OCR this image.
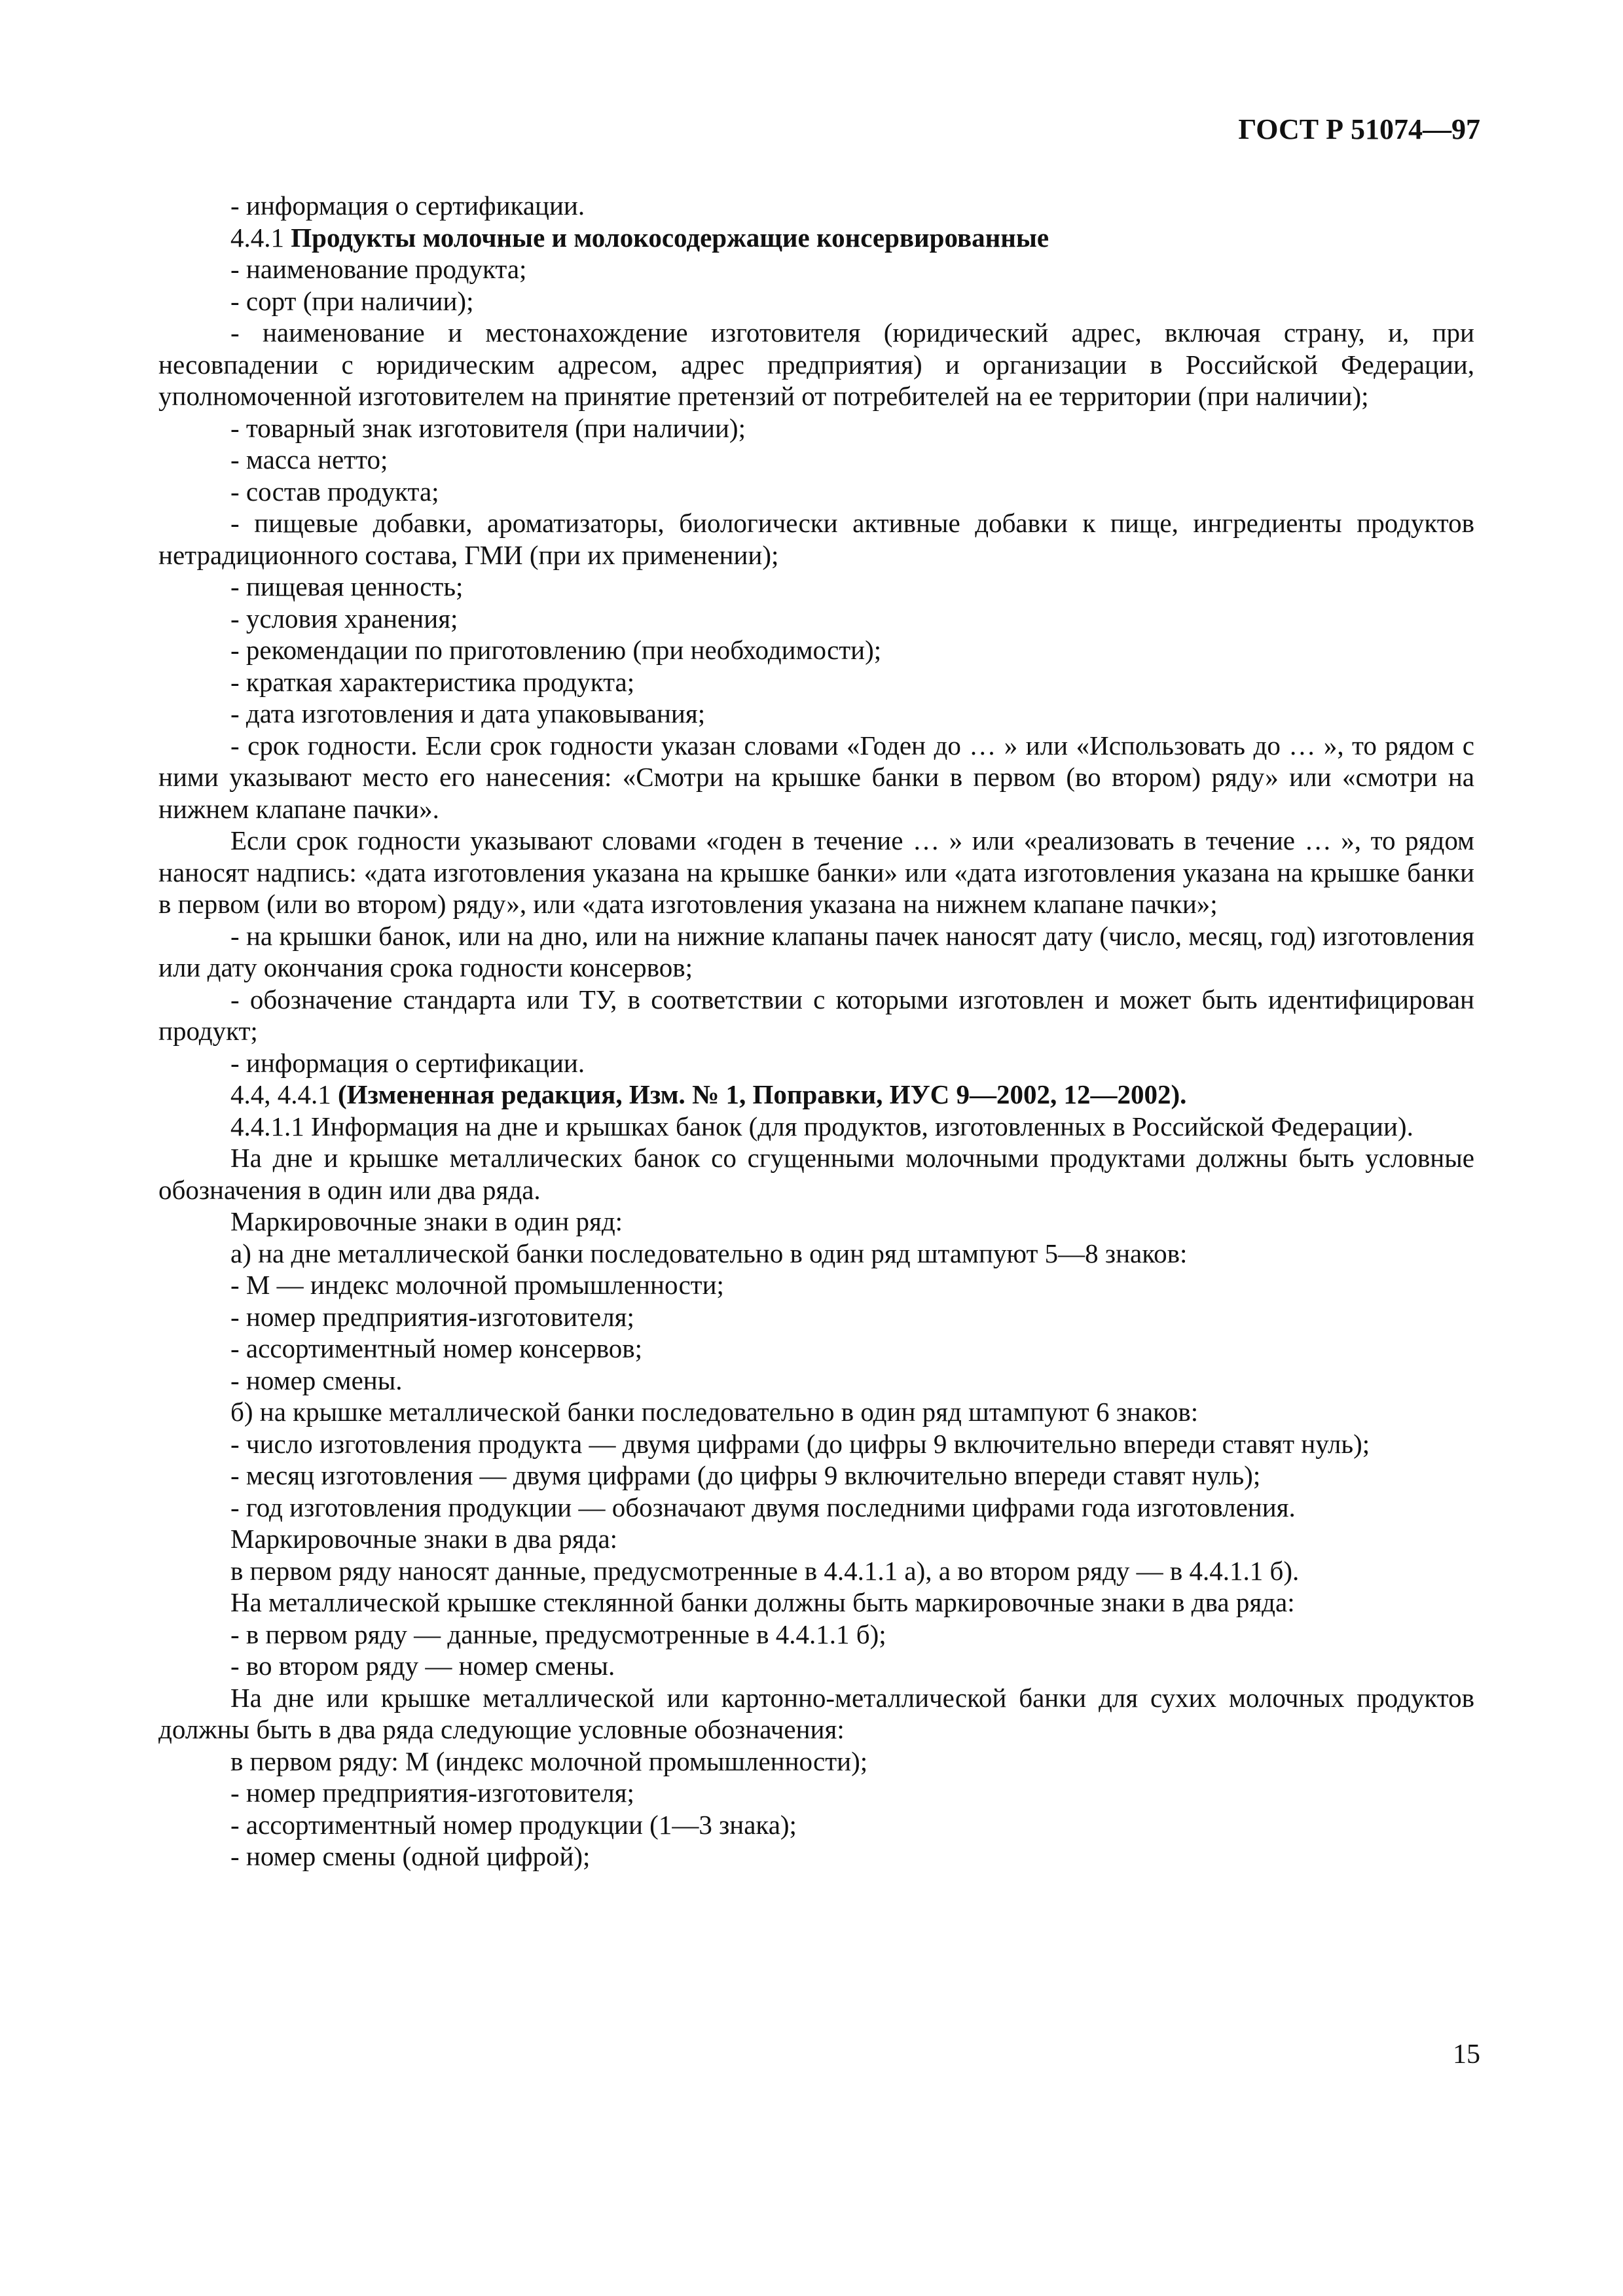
ГОСТ Р 51074—97

- информация о сертификации.

4.4.1 Продукты молочные и молокосодержащие консервированные

- наименование продукта;

- сорт (при наличии);

- наименование и местонахождение изготовителя (юридический адрес, включая страну, и, при несовпадении с юридическим адресом, адрес предприятия) и организации в Российской Федерации, уполномоченной изготовителем на принятие претензий от потребителей на ее территории (при наличии);

- товарный знак изготовителя (при наличии);

- масса нетто;

- состав продукта;

- пищевые добавки, ароматизаторы, биологически активные добавки к пище, ингредиенты продуктов нетрадиционного состава, ГМИ (при их применении);

- пищевая ценность;

- условия хранения;

- рекомендации по приготовлению (при необходимости);

- краткая характеристика продукта;

- дата изготовления и дата упаковывания;

- срок годности. Если срок годности указан словами «Годен до … » или «Использовать до … », то рядом с ними указывают место его нанесения: «Смотри на крышке банки в первом (во втором) ряду» или «смотри на нижнем клапане пачки».

Если срок годности указывают словами «годен в течение … » или «реализовать в течение … », то рядом наносят надпись: «дата изготовления указана на крышке банки» или «дата изготовления указана на крышке банки в первом (или во втором) ряду», или «дата изготовления указана на нижнем клапане пачки»;

- на крышки банок, или на дно, или на нижние клапаны пачек наносят дату (число, месяц, год) изготовления или дату окончания срока годности консервов;

- обозначение стандарта или ТУ, в соответствии с которыми изготовлен и может быть идентифицирован продукт;

- информация о сертификации.

4.4, 4.4.1 (Измененная редакция, Изм. № 1, Поправки, ИУС 9—2002, 12—2002).

4.4.1.1 Информация на дне и крышках банок (для продуктов, изготовленных в Российской Федерации).

На дне и крышке металлических банок со сгущенными молочными продуктами должны быть условные обозначения в один или два ряда.

Маркировочные знаки в один ряд:

а) на дне металлической банки последовательно в один ряд штампуют 5—8 знаков:

- М — индекс молочной промышленности;

- номер предприятия-изготовителя;

- ассортиментный номер консервов;

- номер смены.

б) на крышке металлической банки последовательно в один ряд штампуют 6 знаков:

- число изготовления продукта — двумя цифрами (до цифры 9 включительно впереди ставят нуль);

- месяц изготовления — двумя цифрами (до цифры 9 включительно впереди ставят нуль);

- год изготовления продукции — обозначают двумя последними цифрами года изготовления.

Маркировочные знаки в два ряда:

в первом ряду наносят данные, предусмотренные в 4.4.1.1 а), а во втором ряду — в 4.4.1.1 б).

На металлической крышке стеклянной банки должны быть маркировочные знаки в два ряда:

- в первом ряду — данные, предусмотренные в 4.4.1.1 б);

- во втором ряду — номер смены.

На дне или крышке металлической или картонно-металлической банки для сухих молочных продуктов должны быть в два ряда следующие условные обозначения:

в первом ряду: М (индекс молочной промышленности);

- номер предприятия-изготовителя;

- ассортиментный номер продукции (1—3 знака);

- номер смены (одной цифрой);

15
